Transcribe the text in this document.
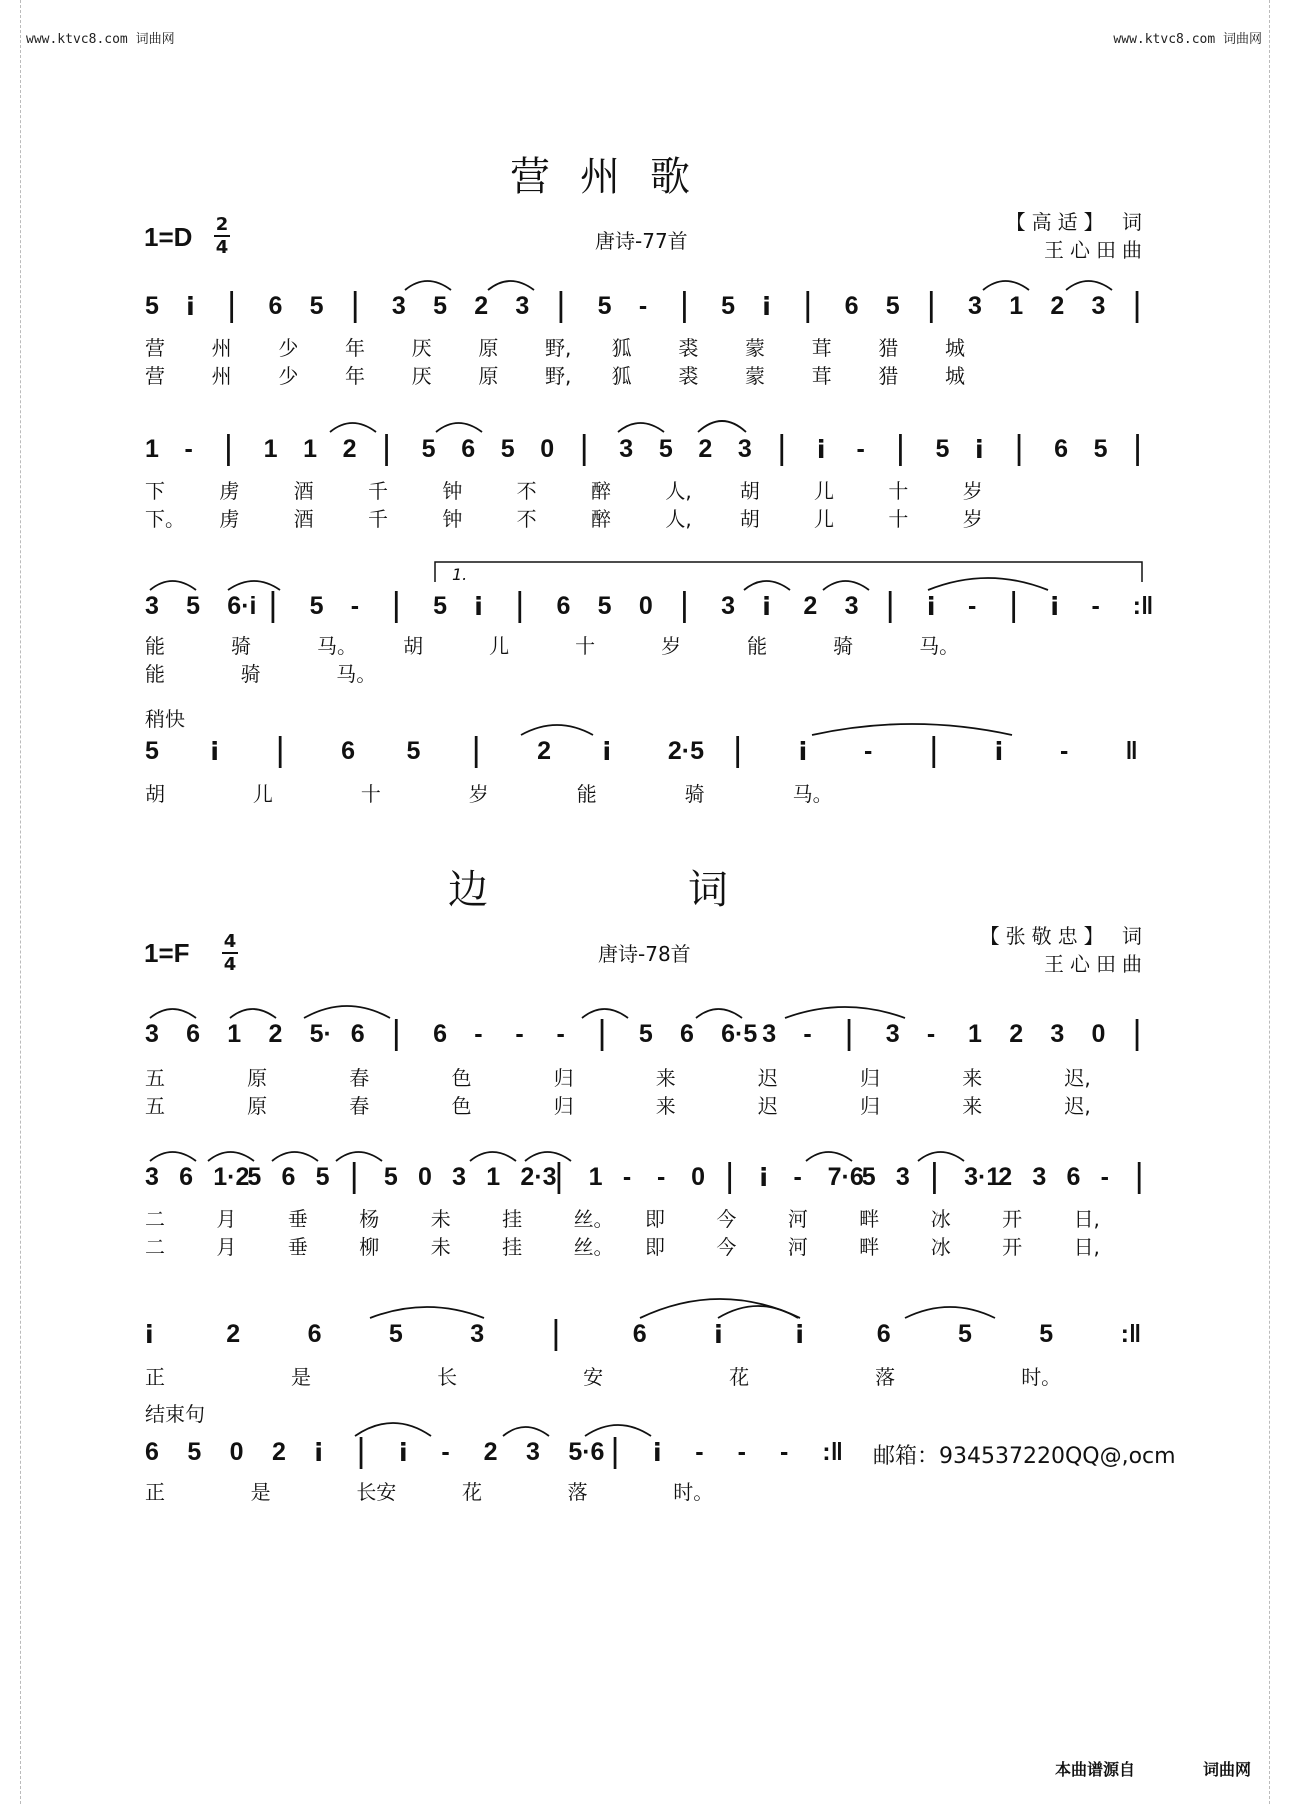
www.ktvc8.com 词曲网	www.ktvc8.com 词曲网
营州歌
1=D 2
4	唐诗-77首
【高适】 词
王心田曲
5 i | 6 5 | 3 5 2 3 | 5 - | 5 i | 6 5 | 3 1 2 3 |
营 州 少 年 厌 原 野, 狐 裘 蒙 茸 猎 城
营 州 少 年 厌 原 野, 狐 裘 蒙 茸 猎 城
1 - | 1 1 2 | 5 6 5 0 | 3 5 2 3 | i - | 5 i | 6 5 |
下	虏	酒	千	钟	不	醉	人, 胡	儿	十	岁
下。 虏	酒	千	钟	不	醉	人, 胡	儿	十	岁
1.
3 5 6·i | 5 - | 5 i | 6 5 0 | 3 i 2 3 | i - | i - :‖
能	骑	马。 胡	儿	十	岁	能	骑	马。
能	骑	马。
稍快
5 i | 6 5 | 2 i 2·5 | i - | i - ‖
胡	儿	十	岁	能	骑	马。
边词
1=F 4
4	唐诗-78首
【张敬忠】 词
王心田曲
3 6 1 2 5· 6 | 6 - - - | 5 6 6·5 3 - | 3 - 1 2 3 0 |
五	原	春	色	归	来	迟	归	来	迟,
五	原	春	色	归	来	迟	归	来	迟,
3 6 1·2
5 6 5 | 5 0 3 1 2·3
| 1 - - 0 | i - 7·6
5 3 | 3·1
2 3 6 - |
二	月	垂	杨	未	挂	丝。 即	今	河	畔	冰	开	日,
二	月	垂	柳	未	挂	丝。 即	今	河	畔	冰	开	日,
i	2	6	5	3 |	6	i	i	6	5	5	:‖
正	是	长	安	花	落	时。
结束句
6 5 0 2 i | i - 2 3 5·6 | i - - - :‖
正	是	长安	花	落	时。
邮箱：934537220QQ@,ocm
本曲谱源自	词曲网
